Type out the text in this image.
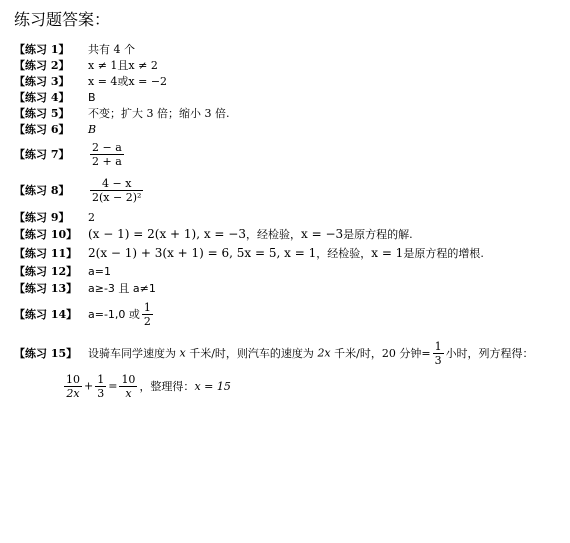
练习题答案：
【练习 1】 共有 4 个
【练习 2】 x ≠ 1且x ≠ 2
【练习 3】 x = 4或x = −2
【练习 4】 B
【练习 5】 不变；扩大 3 倍；缩小 3 倍.
【练习 6】 B
【练习 7】 $\frac{2 - a}{2 + a}$
【练习 8】 $\frac{4 - x}{\text{2(x − 2)²}}$
【练习 9】 2
【练习 10】 (x − 1) = 2(x + 1), x = −3，经检验，x = −3是原方程的解.
【练习 11】 2(x − 1) + 3(x + 1) = 6, 5x = 5, x = 1，经检验，x = 1是原方程的增根.
【练习 12】 a=1
【练习 13】 a≥-3 且 a≠1
【练习 14】 a=-1,0 或 $\frac{1}{2}$
【练习 15】 设骑车同学速度为 x 千米/时，则汽车的速度为 2x 千米/时，20 分钟= $\frac{1}{3}$ 小时，列方程得：
$\frac{10}{2x} + \frac{1}{3} = \frac{10}{x}$ ，整理得：x = 15
